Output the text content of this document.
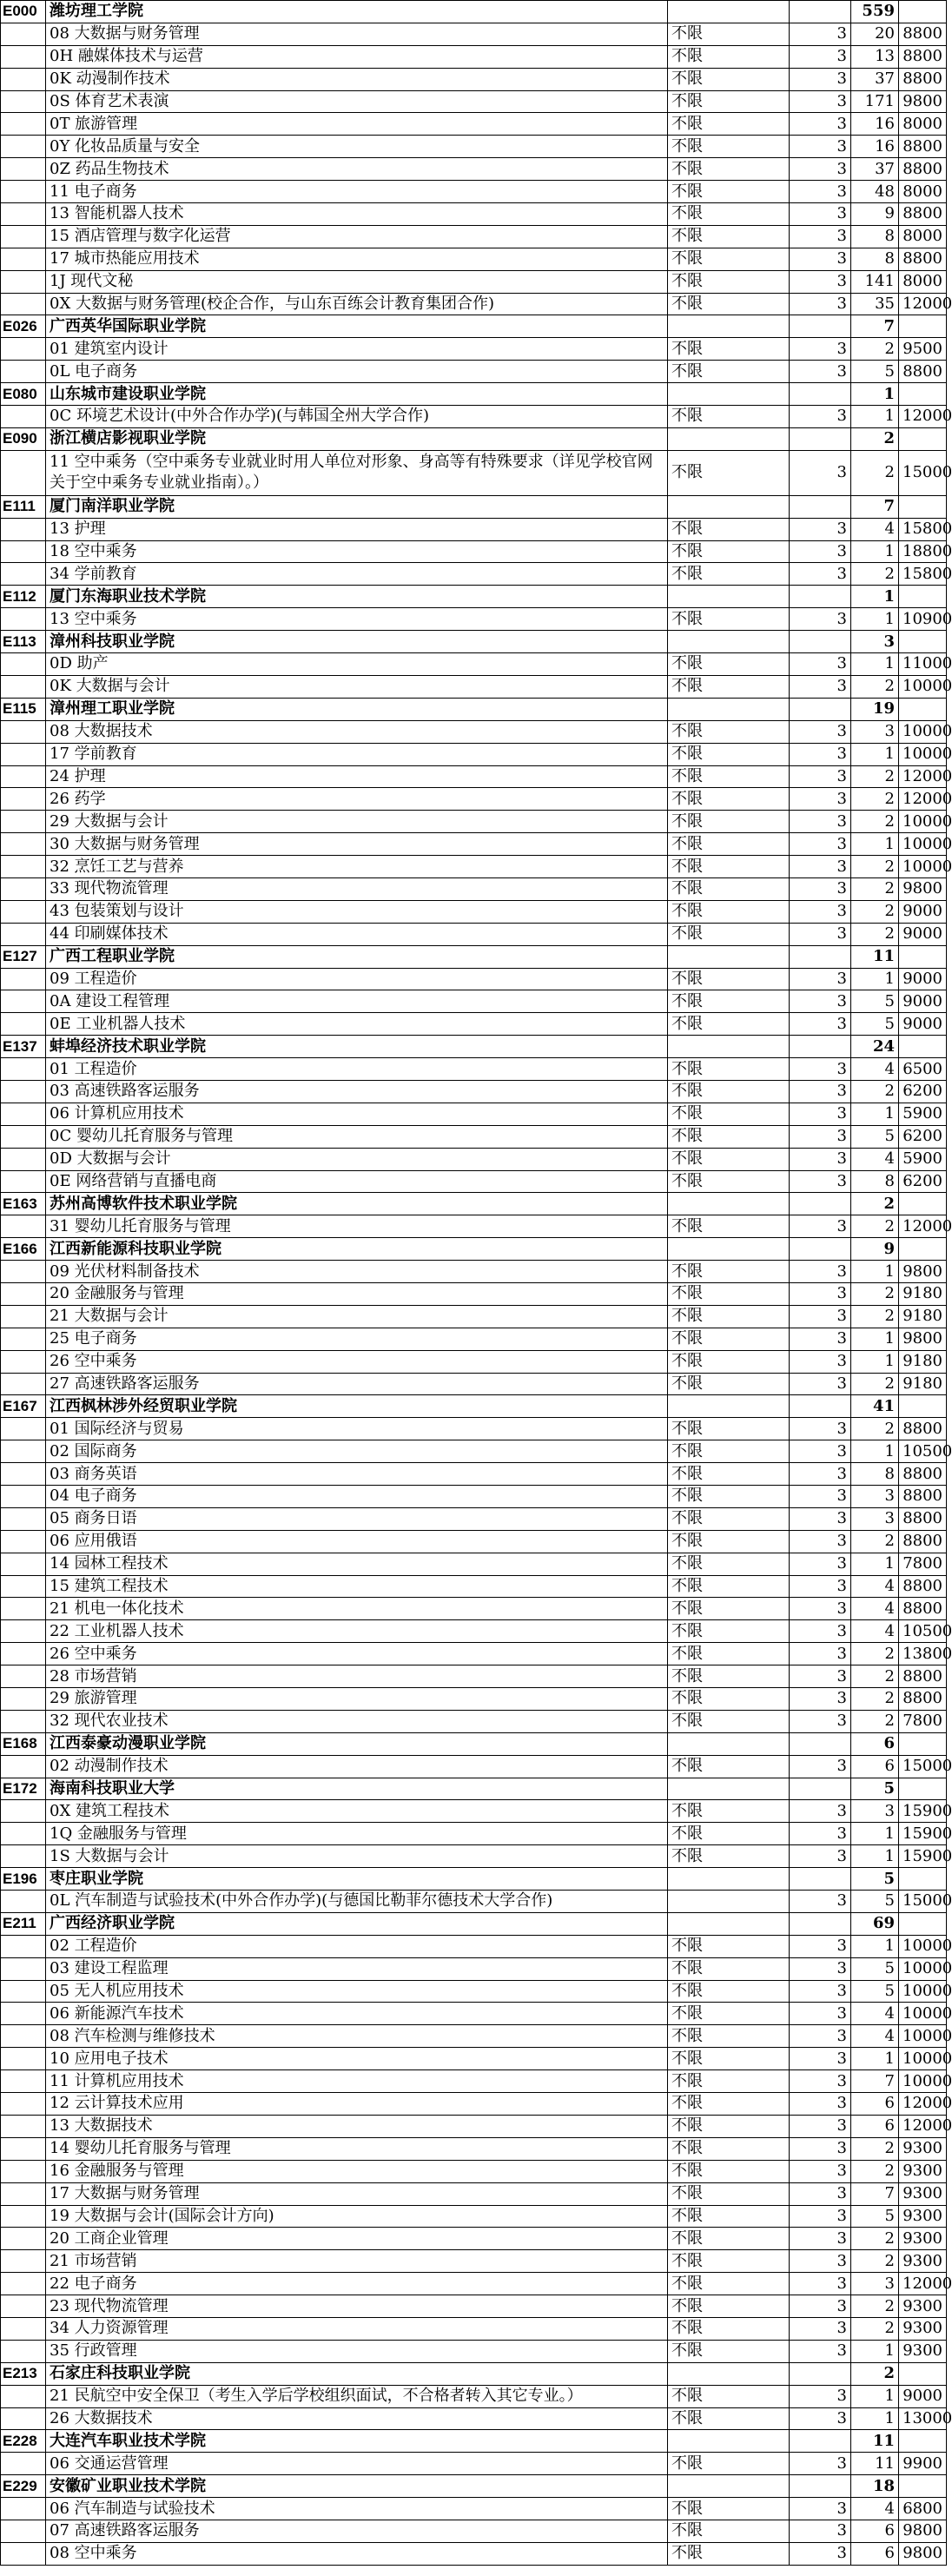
E000	潍坊理工学院			559	
	08 大数据与财务管理	不限	3	20	8800
	0H 融媒体技术与运营	不限	3	13	8800
	0K 动漫制作技术	不限	3	37	8800
	0S 体育艺术表演	不限	3	171	9800
	0T 旅游管理	不限	3	16	8000
	0Y 化妆品质量与安全	不限	3	16	8800
	0Z 药品生物技术	不限	3	37	8800
	11 电子商务	不限	3	48	8000
	13 智能机器人技术	不限	3	9	8800
	15 酒店管理与数字化运营	不限	3	8	8000
	17 城市热能应用技术	不限	3	8	8800
	1J 现代文秘	不限	3	141	8000
	0X 大数据与财务管理(校企合作，与山东百练会计教育集团合作)	不限	3	35	12000
E026	广西英华国际职业学院			7	
	01 建筑室内设计	不限	3	2	9500
	0L 电子商务	不限	3	5	8800
E080	山东城市建设职业学院			1	
	0C 环境艺术设计(中外合作办学)(与韩国全州大学合作)	不限	3	1	12000
E090	浙江横店影视职业学院			2	
	11 空中乘务（空中乘务专业就业时用人单位对形象、身高等有特殊要求（详见学校官网关于空中乘务专业就业指南）。）	不限	3	2	15000
E111	厦门南洋职业学院			7	
	13 护理	不限	3	4	15800
	18 空中乘务	不限	3	1	18800
	34 学前教育	不限	3	2	15800
E112	厦门东海职业技术学院			1	
	13 空中乘务	不限	3	1	10900
E113	漳州科技职业学院			3	
	0D 助产	不限	3	1	11000
	0K 大数据与会计	不限	3	2	10000
E115	漳州理工职业学院			19	
	08 大数据技术	不限	3	3	10000
	17 学前教育	不限	3	1	10000
	24 护理	不限	3	2	12000
	26 药学	不限	3	2	12000
	29 大数据与会计	不限	3	2	10000
	30 大数据与财务管理	不限	3	1	10000
	32 烹饪工艺与营养	不限	3	2	10000
	33 现代物流管理	不限	3	2	9800
	43 包装策划与设计	不限	3	2	9000
	44 印刷媒体技术	不限	3	2	9000
E127	广西工程职业学院			11	
	09 工程造价	不限	3	1	9000
	0A 建设工程管理	不限	3	5	9000
	0E 工业机器人技术	不限	3	5	9000
E137	蚌埠经济技术职业学院			24	
	01 工程造价	不限	3	4	6500
	03 高速铁路客运服务	不限	3	2	6200
	06 计算机应用技术	不限	3	1	5900
	0C 婴幼儿托育服务与管理	不限	3	5	6200
	0D 大数据与会计	不限	3	4	5900
	0E 网络营销与直播电商	不限	3	8	6200
E163	苏州高博软件技术职业学院			2	
	31 婴幼儿托育服务与管理	不限	3	2	12000
E166	江西新能源科技职业学院			9	
	09 光伏材料制备技术	不限	3	1	9800
	20 金融服务与管理	不限	3	2	9180
	21 大数据与会计	不限	3	2	9180
	25 电子商务	不限	3	1	9800
	26 空中乘务	不限	3	1	9180
	27 高速铁路客运服务	不限	3	2	9180
E167	江西枫林涉外经贸职业学院			41	
	01 国际经济与贸易	不限	3	2	8800
	02 国际商务	不限	3	1	10500
	03 商务英语	不限	3	8	8800
	04 电子商务	不限	3	3	8800
	05 商务日语	不限	3	3	8800
	06 应用俄语	不限	3	2	8800
	14 园林工程技术	不限	3	1	7800
	15 建筑工程技术	不限	3	4	8800
	21 机电一体化技术	不限	3	4	8800
	22 工业机器人技术	不限	3	4	10500
	26 空中乘务	不限	3	2	13800
	28 市场营销	不限	3	2	8800
	29 旅游管理	不限	3	2	8800
	32 现代农业技术	不限	3	2	7800
E168	江西泰豪动漫职业学院			6	
	02 动漫制作技术	不限	3	6	15000
E172	海南科技职业大学			5	
	0X 建筑工程技术	不限	3	3	15900
	1Q 金融服务与管理	不限	3	1	15900
	1S 大数据与会计	不限	3	1	15900
E196	枣庄职业学院			5	
	0L 汽车制造与试验技术(中外合作办学)(与德国比勒菲尔德技术大学合作)		3	5	15000
E211	广西经济职业学院			69	
	02 工程造价	不限	3	1	10000
	03 建设工程监理	不限	3	5	10000
	05 无人机应用技术	不限	3	5	10000
	06 新能源汽车技术	不限	3	4	10000
	08 汽车检测与维修技术	不限	3	4	10000
	10 应用电子技术	不限	3	1	10000
	11 计算机应用技术	不限	3	7	10000
	12 云计算技术应用	不限	3	6	12000
	13 大数据技术	不限	3	6	12000
	14 婴幼儿托育服务与管理	不限	3	2	9300
	16 金融服务与管理	不限	3	2	9300
	17 大数据与财务管理	不限	3	7	9300
	19 大数据与会计(国际会计方向)	不限	3	5	9300
	20 工商企业管理	不限	3	2	9300
	21 市场营销	不限	3	2	9300
	22 电子商务	不限	3	3	12000
	23 现代物流管理	不限	3	2	9300
	34 人力资源管理	不限	3	2	9300
	35 行政管理	不限	3	1	9300
E213	石家庄科技职业学院			2	
	21 民航空中安全保卫（考生入学后学校组织面试，不合格者转入其它专业。）	不限	3	1	9000
	26 大数据技术	不限	3	1	13000
E228	大连汽车职业技术学院			11	
	06 交通运营管理	不限	3	11	9900
E229	安徽矿业职业技术学院			18	
	06 汽车制造与试验技术	不限	3	4	6800
	07 高速铁路客运服务	不限	3	6	9800
	08 空中乘务	不限	3	6	9800
